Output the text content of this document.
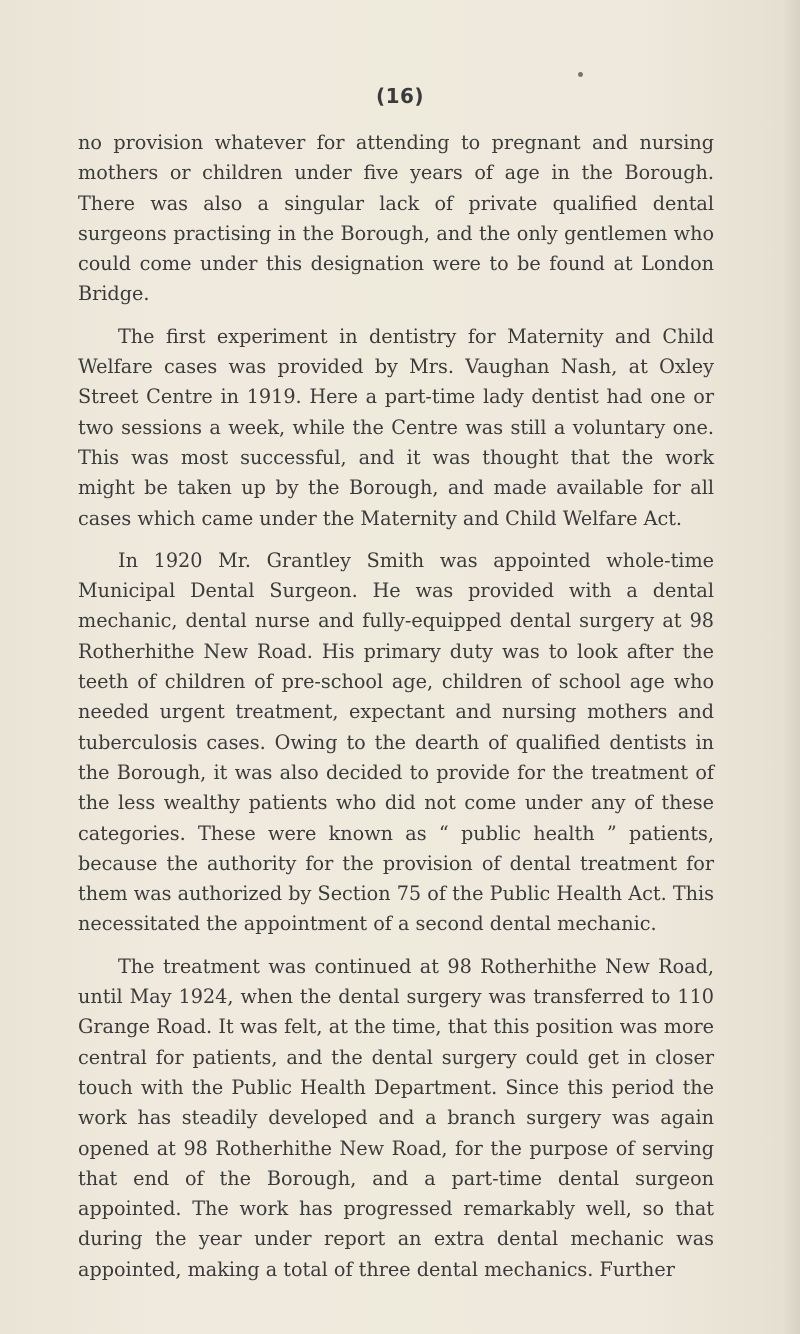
(16)

no provision whatever for attending to pregnant and nursing mothers or children under five years of age in the Borough. There was also a singular lack of private qualified dental surgeons practising in the Borough, and the only gentlemen who could come under this designation were to be found at London Bridge.

The first experiment in dentistry for Maternity and Child Welfare cases was provided by Mrs. Vaughan Nash, at Oxley Street Centre in 1919. Here a part-time lady dentist had one or two sessions a week, while the Centre was still a voluntary one. This was most successful, and it was thought that the work might be taken up by the Borough, and made available for all cases which came under the Maternity and Child Welfare Act.

In 1920 Mr. Grantley Smith was appointed whole-time Municipal Dental Surgeon. He was provided with a dental mechanic, dental nurse and fully-equipped dental surgery at 98 Rotherhithe New Road. His primary duty was to look after the teeth of children of pre-school age, children of school age who needed urgent treatment, expectant and nursing mothers and tuberculosis cases. Owing to the dearth of qualified dentists in the Borough, it was also decided to provide for the treatment of the less wealthy patients who did not come under any of these categories. These were known as “ public health ” patients, because the authority for the provision of dental treatment for them was authorized by Section 75 of the Public Health Act. This necessitated the appointment of a second dental mechanic.

The treatment was continued at 98 Rotherhithe New Road, until May 1924, when the dental surgery was transferred to 110 Grange Road. It was felt, at the time, that this position was more central for patients, and the dental surgery could get in closer touch with the Public Health Department. Since this period the work has steadily developed and a branch surgery was again opened at 98 Rotherhithe New Road, for the purpose of serving that end of the Borough, and a part-time dental surgeon appointed. The work has progressed remarkably well, so that during the year under report an extra dental mechanic was appointed, making a total of three dental mechanics. Further
